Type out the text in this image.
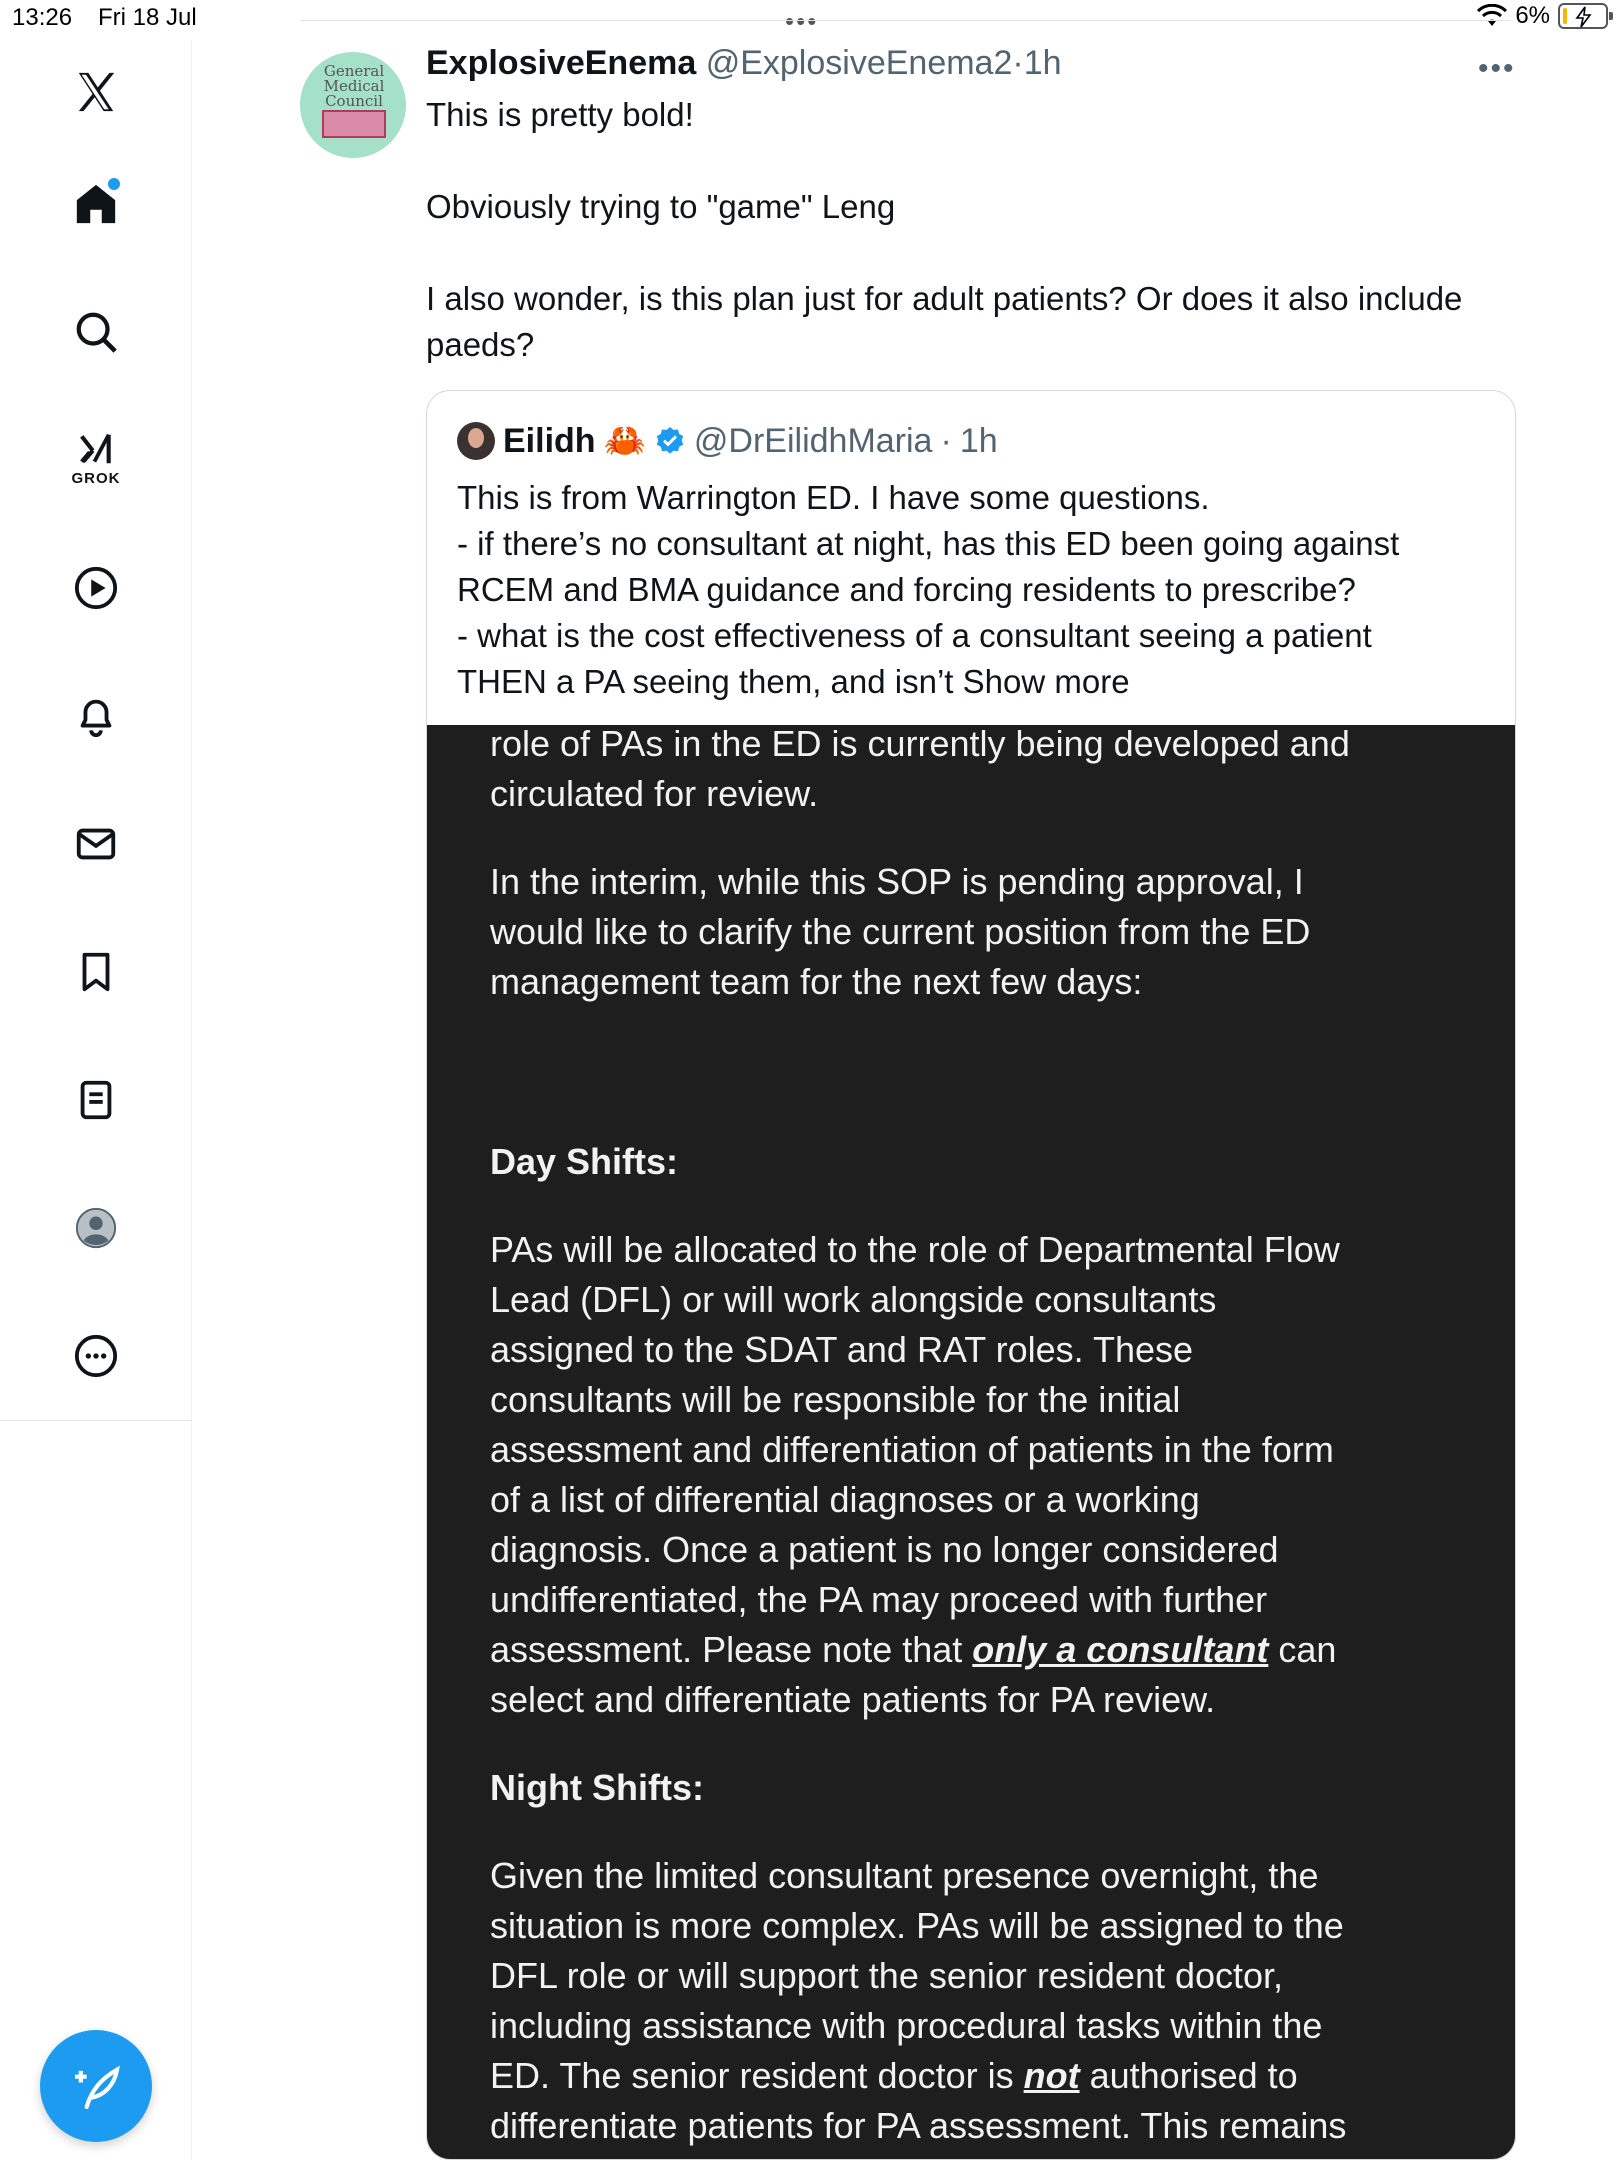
13:26 Fri 18 Jul	•••	6%
GROK
General
Medical
Council
ExplosiveEnema @ExplosiveEnema2·1h	•••

This is pretty bold!

Obviously trying to "game" Leng

I also wonder, is this plan just for adult patients? Or does it also include

paeds?

Eilidh 🦀 @DrEilidhMaria · 1h
This is from Warrington ED. I have some questions.
- if there’s no consultant at night, has this ED been going against
RCEM and BMA guidance and forcing residents to prescribe?
- what is the cost effectiveness of a consultant seeing a patient
THEN a PA seeing them, and isn’t Show more
role of PAs in the ED is currently being developed and
circulated for review.
In the interim, while this SOP is pending approval, I
would like to clarify the current position from the ED
management team for the next few days:
Day Shifts:
PAs will be allocated to the role of Departmental Flow
Lead (DFL) or will work alongside consultants
assigned to the SDAT and RAT roles. These
consultants will be responsible for the initial
assessment and differentiation of patients in the form
of a list of differential diagnoses or a working
diagnosis. Once a patient is no longer considered
undifferentiated, the PA may proceed with further
assessment. Please note that only a consultant can
select and differentiate patients for PA review.
Night Shifts:
Given the limited consultant presence overnight, the
situation is more complex. PAs will be assigned to the
DFL role or will support the senior resident doctor,
including assistance with procedural tasks within the
ED. The senior resident doctor is not authorised to
differentiate patients for PA assessment. This remains
